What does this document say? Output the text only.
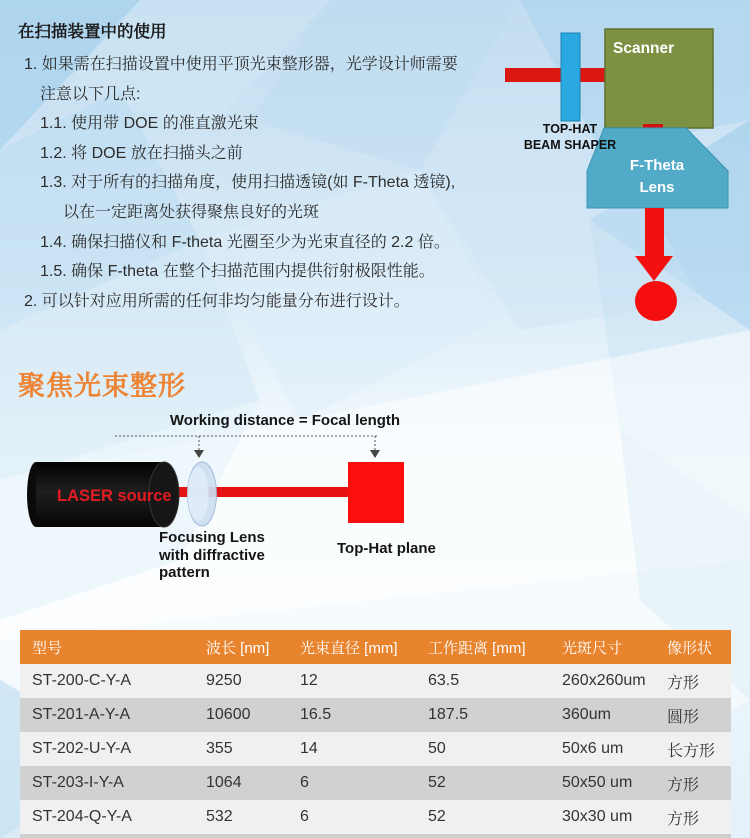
在扫描装置中的使用
1. 如果需在扫描设置中使用平顶光束整形器，光学设计师需要
注意以下几点:
1.1. 使用带 DOE 的准直激光束
1.2. 将 DOE 放在扫描头之前
1.3. 对于所有的扫描角度，使用扫描透镜(如 F-Theta 透镜),
以在一定距离处获得聚焦良好的光斑
1.4. 确保扫描仪和 F-theta 光圈至少为光束直径的 2.2 倍。
1.5. 确保 F-theta 在整个扫描范围内提供衍射极限性能。
2. 可以针对应用所需的任何非均匀能量分布进行设计。
Scanner
F-Theta
Lens
TOP-HAT
BEAM SHAPER
聚焦光束整形
Working distance = Focal length
LASER source
Focusing Lens
with diffractive
pattern
Top-Hat plane
型号	波长 [nm]	光束直径 [mm]	工作距离 [mm]	光斑尺寸	像形状
ST-200-C-Y-A	9250	12	63.5	260x260um	方形
ST-201-A-Y-A	10600	16.5	187.5	360um	圆形
ST-202-U-Y-A	355	14	50	50x6 um	长方形
ST-203-I-Y-A	1064	6	52	50x50 um	方形
ST-204-Q-Y-A	532	6	52	30x30 um	方形
